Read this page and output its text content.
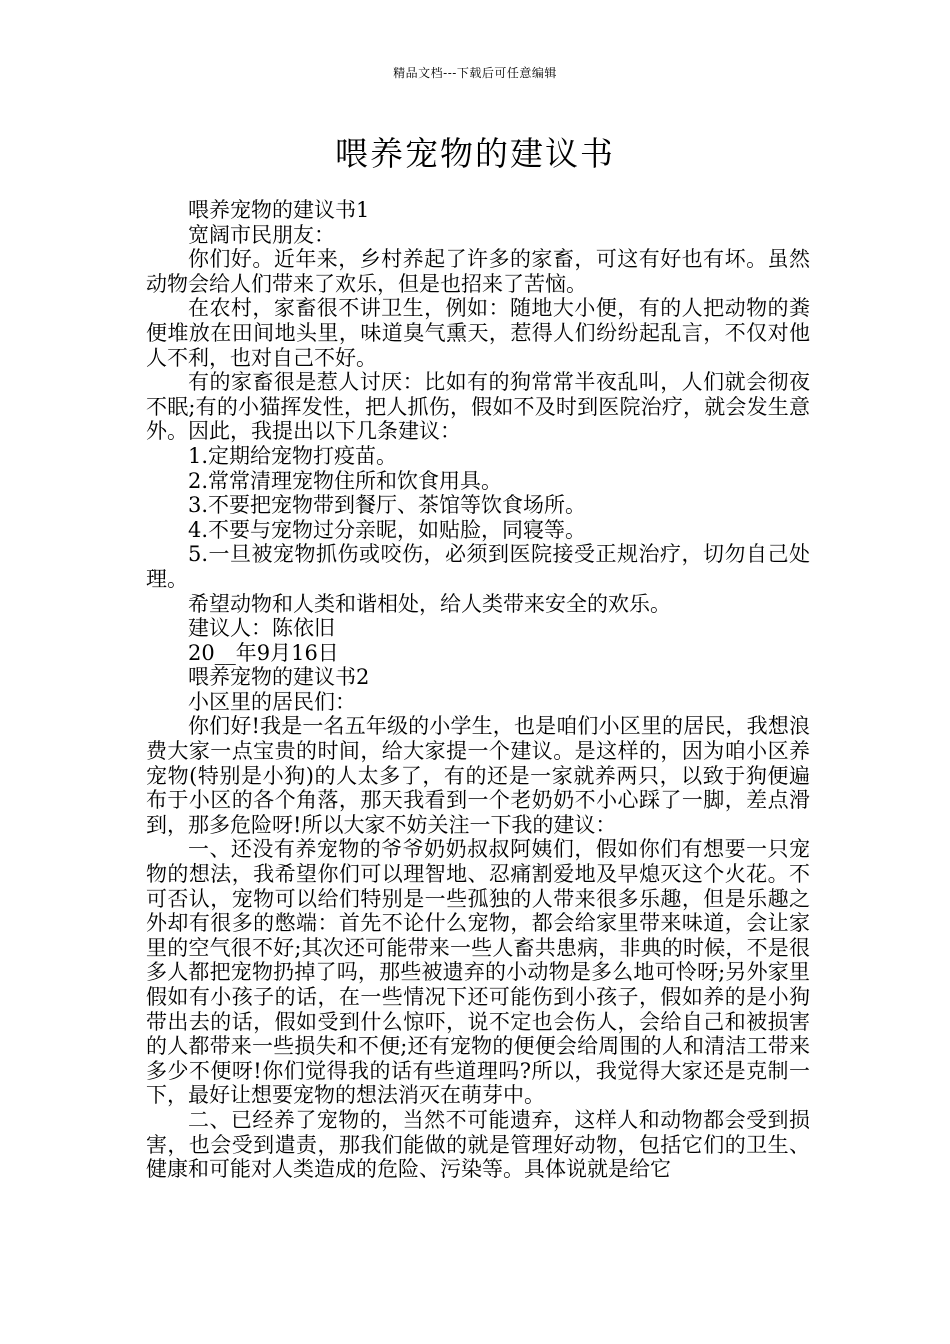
精品文档---下载后可任意编辑
喂养宠物的建议书

喂养宠物的建议书1

宽阔市民朋友：

你们好。近年来，乡村养起了许多的家畜，可这有好也有坏。虽然动物会给人们带来了欢乐，但是也招来了苦恼。

在农村，家畜很不讲卫生，例如：随地大小便，有的人把动物的粪便堆放在田间地头里，味道臭气熏天，惹得人们纷纷起乱言，不仅对他人不利，也对自己不好。

有的家畜很是惹人讨厌：比如有的狗常常半夜乱叫，人们就会彻夜不眠;有的小猫挥发性，把人抓伤，假如不及时到医院治疗，就会发生意外。因此，我提出以下几条建议：

1.定期给宠物打疫苗。

2.常常清理宠物住所和饮食用具。

3.不要把宠物带到餐厅、茶馆等饮食场所。

4.不要与宠物过分亲昵，如贴脸，同寝等。

5.一旦被宠物抓伤或咬伤，必须到医院接受正规治疗，切勿自己处理。

希望动物和人类和谐相处，给人类带来安全的欢乐。

建议人：陈依旧

20__年9月16日

喂养宠物的建议书2

小区里的居民们：

你们好!我是一名五年级的小学生，也是咱们小区里的居民，我想浪费大家一点宝贵的时间，给大家提一个建议。是这样的，因为咱小区养宠物(特别是小狗)的人太多了，有的还是一家就养两只，以致于狗便遍布于小区的各个角落，那天我看到一个老奶奶不小心踩了一脚，差点滑到，那多危险呀!所以大家不妨关注一下我的建议：

一、还没有养宠物的爷爷奶奶叔叔阿姨们，假如你们有想要一只宠物的想法，我希望你们可以理智地、忍痛割爱地及早熄灭这个火花。不可否认，宠物可以给们特别是一些孤独的人带来很多乐趣，但是乐趣之外却有很多的憋端：首先不论什么宠物，都会给家里带来味道，会让家里的空气很不好;其次还可能带来一些人畜共患病，非典的时候，不是很多人都把宠物扔掉了吗，那些被遗弃的小动物是多么地可怜呀;另外家里假如有小孩子的话，在一些情况下还可能伤到小孩子，假如养的是小狗带出去的话，假如受到什么惊吓，说不定也会伤人，会给自己和被损害的人都带来一些损失和不便;还有宠物的便便会给周围的人和清洁工带来多少不便呀!你们觉得我的话有些道理吗?所以，我觉得大家还是克制一下，最好让想要宠物的想法消灭在萌芽中。

二、已经养了宠物的，当然不可能遗弃，这样人和动物都会受到损害，也会受到遣责，那我们能做的就是管理好动物，包括它们的卫生、健康和可能对人类造成的危险、污染等。具体说就是给它
